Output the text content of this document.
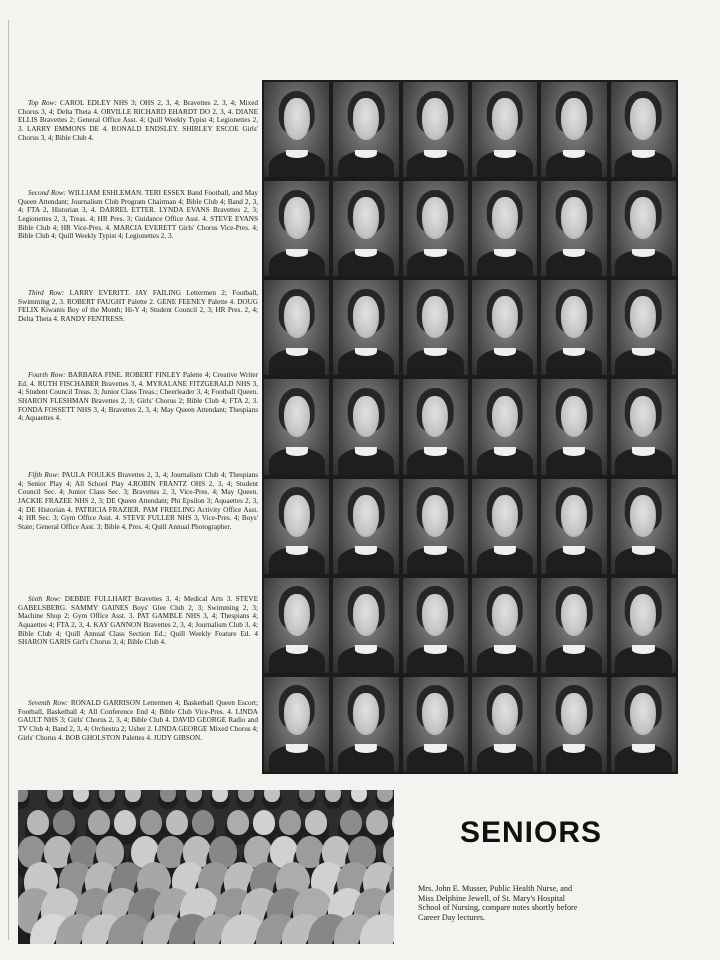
Top Row: CAROL EDLEY NHS 3; OHS 2, 3, 4; Bravettes 2, 3, 4; Mixed Chorus 3, 4; Delta Theta 4. ORVILLE RICHARD EHARDT DO 2, 3, 4. DIANE ELLIS Bravettes 2; General Office Asst. 4; Quill Weekly Typist 4; Legionettes 2, 3. LARRY EMMONS DE 4. RONALD ENDSLEY. SHIRLEY ESCOE Girls' Chorus 3, 4; Bible Club 4.

Second Row: WILLIAM ESHLEMAN. TERI ESSEX Band Football, and May Queen Attendant; Journalism Club Program Chairman 4; Bible Club 4; Band 2, 3, 4; FTA 2, Historian 3, 4. DARREL ETTER. LYNDA EVANS Bravettes 2, 3; Legionettes 2, 3, Treas. 4; HR Pres. 3; Guidance Office Asst. 4. STEVE EVANS Bible Club 4; HR Vice-Pres. 4. MARCIA EVERETT Girls' Chorus Vice-Pres. 4; Bible Club 4; Quill Weekly Typist 4; Legionettes 2, 3.

Third Row: LARRY EVERITT. JAY FAILING Lettermen 2; Football, Swimming 2, 3. ROBERT FAUGHT Palette 2. GENE FEENEY Palette 4. DOUG FELIX Kiwanis Boy of the Month; Hi-Y 4; Student Council 2, 3; HR Pres. 2, 4; Delta Theta 4. RANDY FENTRESS.

Fourth Row: BARBARA FINE. ROBERT FINLEY Palette 4; Creative Writer Ed. 4. RUTH FISCHABER Bravettes 3, 4. MYRALANE FITZGERALD NHS 3, 4; Student Council Treas. 3; Junior Class Treas.; Cheerleader 3, 4; Football Queen. SHARON FLESHMAN Bravettes 2, 3; Girls' Chorus 2; Bible Club 4; FTA 2, 3. FONDA FOSSETT NHS 3, 4; Bravettes 2, 3, 4; May Queen Attendant; Thespians 4; Aquaettes 4.

Fifth Row: PAULA FOULKS Bravettes 2, 3, 4; Journalism Club 4; Thespians 4; Senior Play 4; All School Play 4.ROBIN FRANTZ OHS 2, 3, 4; Student Council Sec. 4; Junior Class Sec. 3; Bravettes 2, 3, Vice-Pres. 4; May Queen. JACKIE FRAZEE NHS 2, 3; DE Queen Attendant; Phi Epsilon 3; Aquaettes 2, 3, 4; DE Historian 4. PATRICIA FRAZIER. PAM FREELING Activity Office Asst. 4; HR Sec. 3; Gym Office Asst. 4. STEVE FULLER NHS 3, Vice-Pres. 4; Boys' State; General Office Asst. 3; Bible 4, Pres. 4; Quill Annual Photographer.

Sixth Row: DEBBIE FULLHART Bravettes 3, 4; Medical Arts 3. STEVE GABELSBERG. SAMMY GAINES Boys' Glee Club 2, 3; Swimming 2, 3; Machine Shop 2; Gym Office Asst. 3. PAT GAMBLE NHS 3, 4; Thespians 4; Aquaettes 4; FTA 2, 3, 4. KAY GANNON Bravettes 2, 3, 4; Journalism Club 3, 4; Bible Club 4; Quill Annual Class Section Ed.; Quill Weekly Feature Ed. 4 SHARON GARIS Girl's Chorus 3, 4; Bible Club 4.

Seventh Row: RONALD GARRISON Lettermen 4; Basketball Queen Escort; Football, Basketball 4; All Conference End 4; Bible Club Vice-Pres. 4. LINDA GAULT NHS 3; Girls' Chorus 2, 3, 4; Bible Club 4. DAVID GEORGE Radio and TV Club 4; Band 2, 3, 4; Orchestra 2; Usher 2. LINDA GEORGE Mixed Chorus 4; Girls' Chorus 4. BOB GHOLSTON Palettes 4. JUDY GIBSON.

SENIORS

Mrs. John E. Musser, Public Health Nurse, and
Miss Delphine Jewell, of St. Mary's Hospital
School of Nursing, compare notes shortly before
Career Day lectures.
